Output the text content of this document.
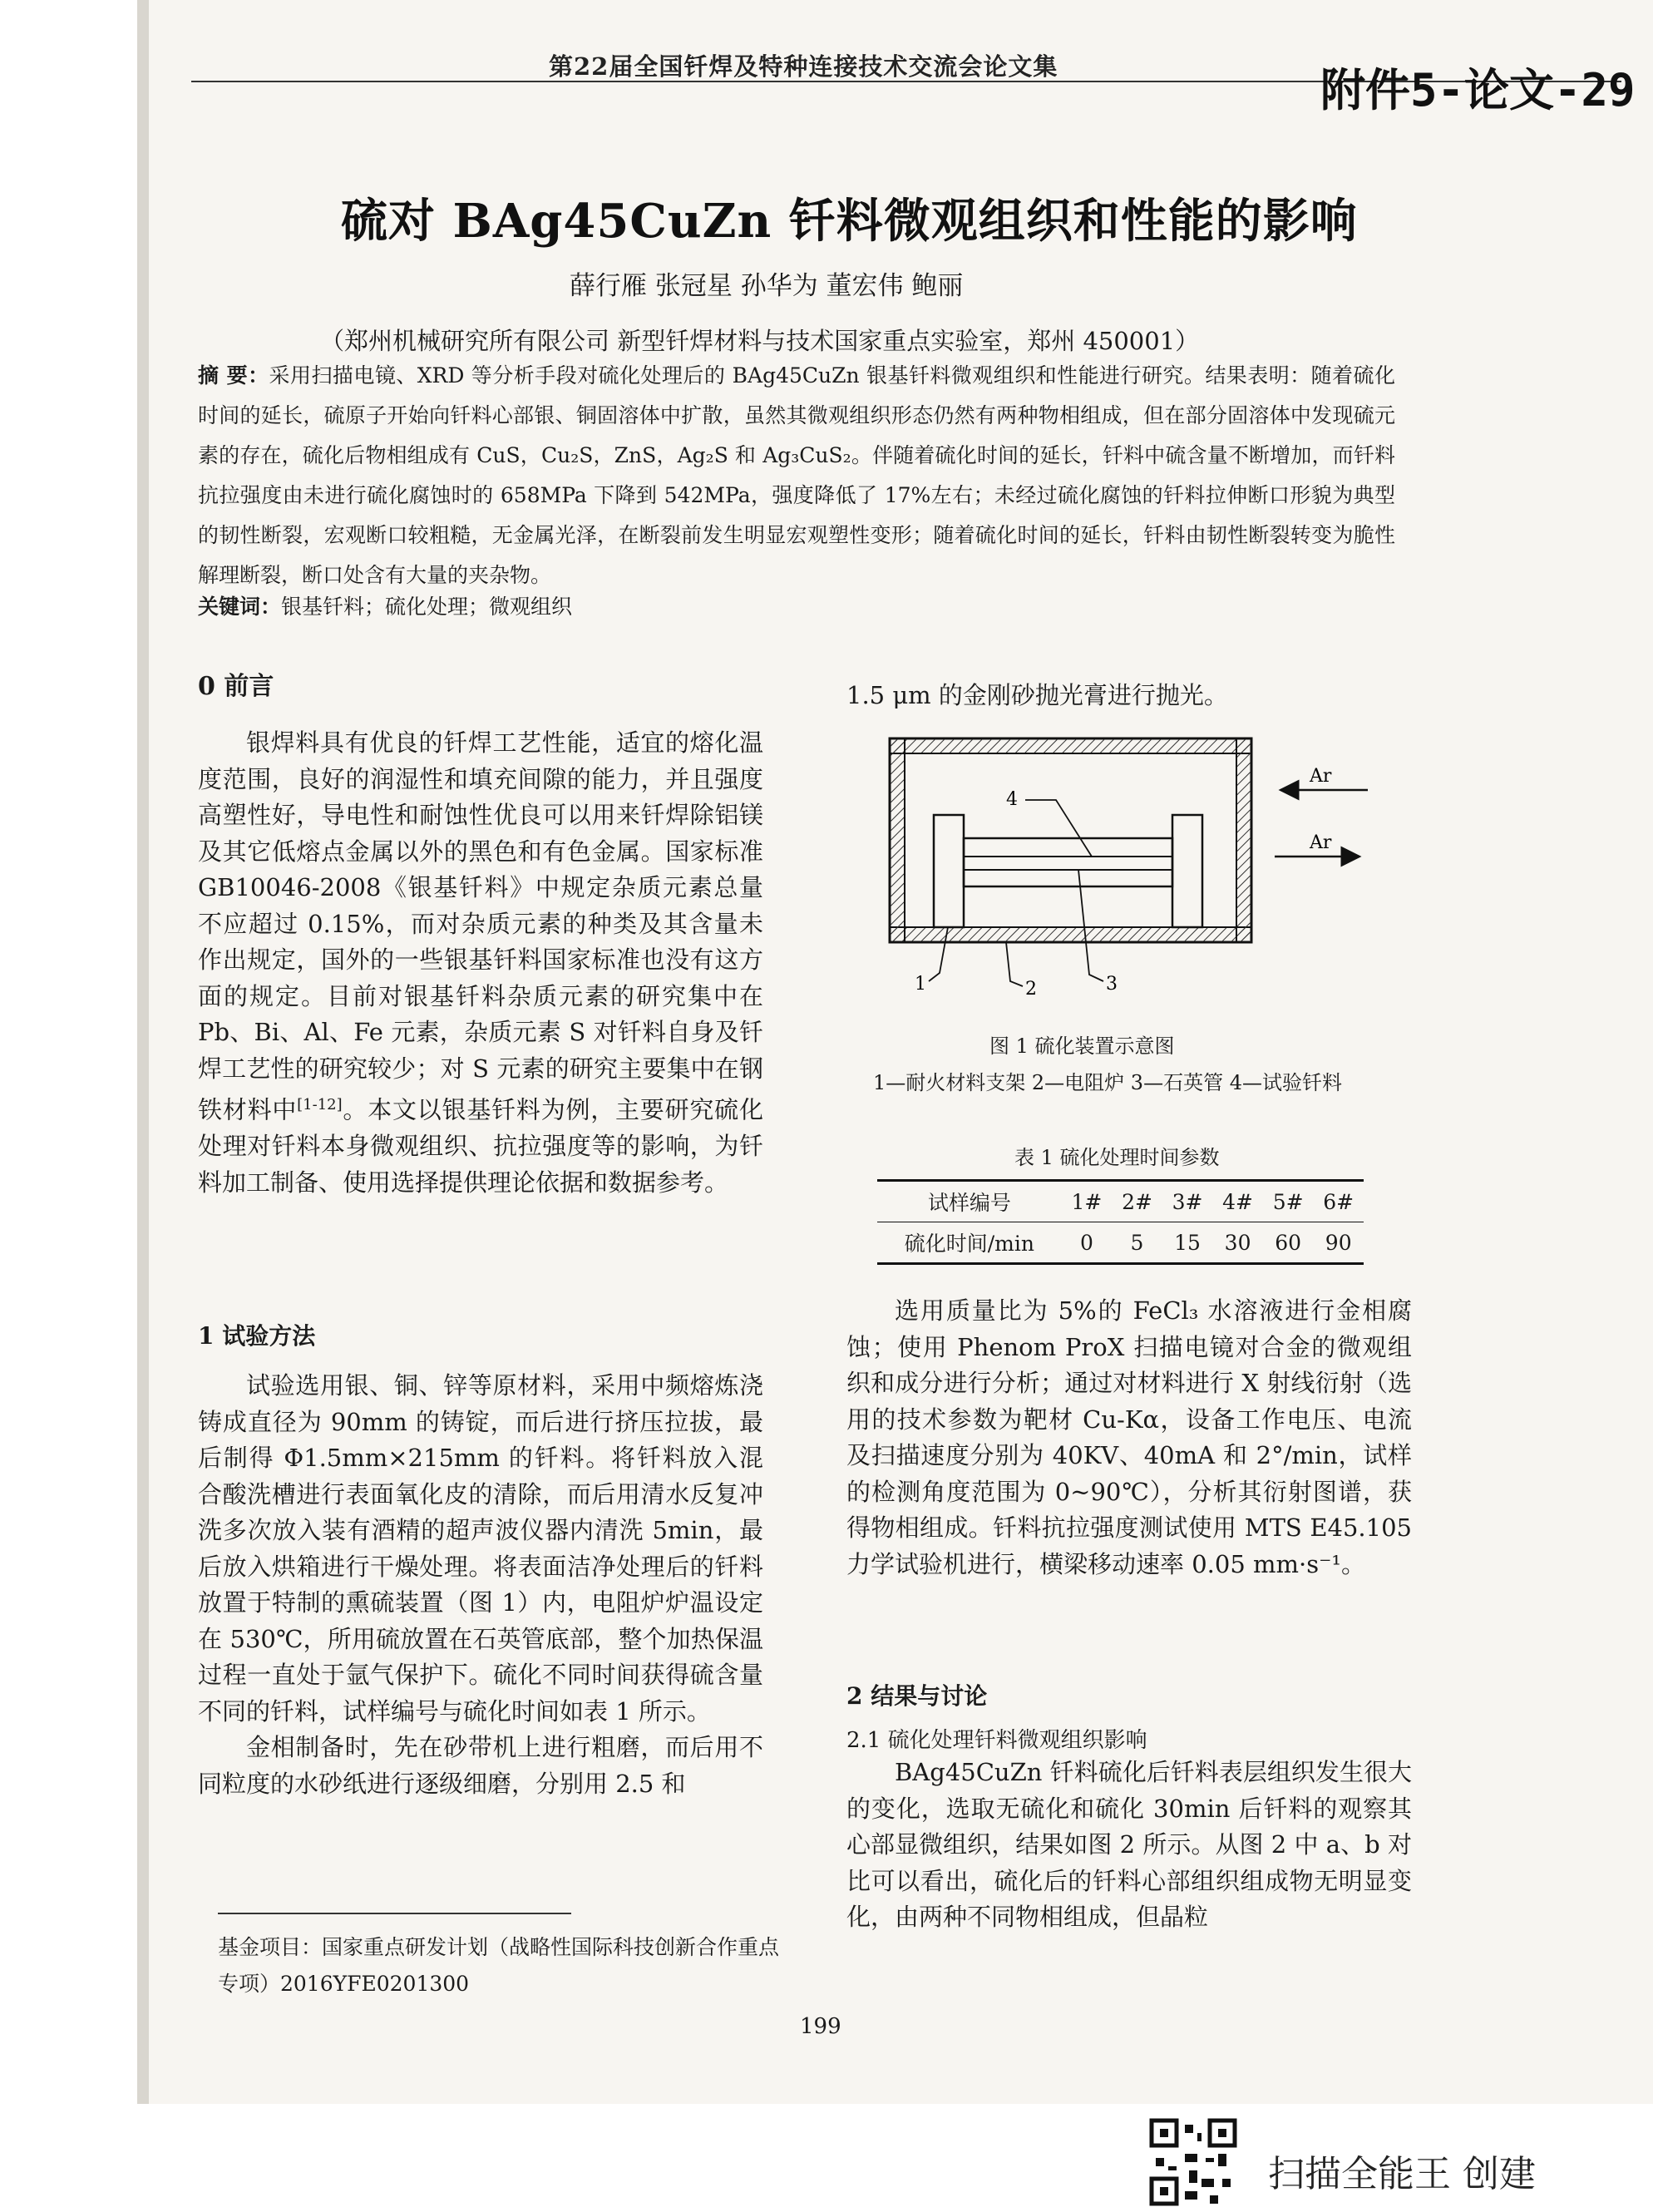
第22届全国钎焊及特种连接技术交流会论文集	附件5-论文-29
硫对 BAg45CuZn 钎料微观组织和性能的影响
薛行雁 张冠星 孙华为 董宏伟 鲍丽
（郑州机械研究所有限公司 新型钎焊材料与技术国家重点实验室，郑州 450001）
摘 要：采用扫描电镜、XRD 等分析手段对硫化处理后的 BAg45CuZn 银基钎料微观组织和性能进行研究。结果表明：随着硫化时间的延长，硫原子开始向钎料心部银、铜固溶体中扩散，虽然其微观组织形态仍然有两种物相组成，但在部分固溶体中发现硫元素的存在，硫化后物相组成有 CuS，Cu₂S，ZnS，Ag₂S 和 Ag₃CuS₂。伴随着硫化时间的延长，钎料中硫含量不断增加，而钎料抗拉强度由未进行硫化腐蚀时的 658MPa 下降到 542MPa，强度降低了 17%左右；未经过硫化腐蚀的钎料拉伸断口形貌为典型的韧性断裂，宏观断口较粗糙，无金属光泽，在断裂前发生明显宏观塑性变形；随着硫化时间的延长，钎料由韧性断裂转变为脆性解理断裂，断口处含有大量的夹杂物。
关键词：银基钎料；硫化处理；微观组织
0 前言

银焊料具有优良的钎焊工艺性能，适宜的熔化温度范围，良好的润湿性和填充间隙的能力，并且强度高塑性好，导电性和耐蚀性优良可以用来钎焊除铝镁及其它低熔点金属以外的黑色和有色金属。国家标准 GB10046-2008《银基钎料》中规定杂质元素总量不应超过 0.15%，而对杂质元素的种类及其含量未作出规定，国外的一些银基钎料国家标准也没有这方面的规定。目前对银基钎料杂质元素的研究集中在 Pb、Bi、Al、Fe 元素，杂质元素 S 对钎料自身及钎焊工艺性的研究较少；对 S 元素的研究主要集中在钢铁材料中[1-12]。本文以银基钎料为例，主要研究硫化处理对钎料本身微观组织、抗拉强度等的影响，为钎料加工制备、使用选择提供理论依据和数据参考。

1 试验方法

试验选用银、铜、锌等原材料，采用中频熔炼浇铸成直径为 90mm 的铸锭，而后进行挤压拉拔，最后制得 Φ1.5mm×215mm 的钎料。将钎料放入混合酸洗槽进行表面氧化皮的清除，而后用清水反复冲洗多次放入装有酒精的超声波仪器内清洗 5min，最后放入烘箱进行干燥处理。将表面洁净处理后的钎料放置于特制的熏硫装置（图 1）内，电阻炉炉温设定在 530℃，所用硫放置在石英管底部，整个加热保温过程一直处于氩气保护下。硫化不同时间获得硫含量不同的钎料，试样编号与硫化时间如表 1 所示。

金相制备时，先在砂带机上进行粗磨，而后用不同粒度的水砂纸进行逐级细磨，分别用 2.5 和

基金项目：国家重点研发计划（战略性国际科技创新合作重点专项）2016YFE0201300
1.5 μm 的金刚砂抛光膏进行抛光。
Ar
Ar
4
1	2	3
图 1 硫化装置示意图
1—耐火材料支架 2—电阻炉 3—石英管 4—试验钎料
表 1 硫化处理时间参数
试样编号	1#	2#	3#	4#	5#	6#
硫化时间/min	0	5	15	30	60	90

选用质量比为 5%的 FeCl₃ 水溶液进行金相腐蚀；使用 Phenom ProX 扫描电镜对合金的微观组织和成分进行分析；通过对材料进行 X 射线衍射（选用的技术参数为靶材 Cu-Kα，设备工作电压、电流及扫描速度分别为 40KV、40mA 和 2°/min，试样的检测角度范围为 0~90℃），分析其衍射图谱，获得物相组成。钎料抗拉强度测试使用 MTS E45.105 力学试验机进行，横梁移动速率 0.05 mm·s⁻¹。

2 结果与讨论
2.1 硫化处理钎料微观组织影响

BAg45CuZn 钎料硫化后钎料表层组织发生很大的变化，选取无硫化和硫化 30min 后钎料的观察其心部显微组织，结果如图 2 所示。从图 2 中 a、b 对比可以看出，硫化后的钎料心部组织组成物无明显变化，由两种不同物相组成，但晶粒

199
扫描全能王 创建
